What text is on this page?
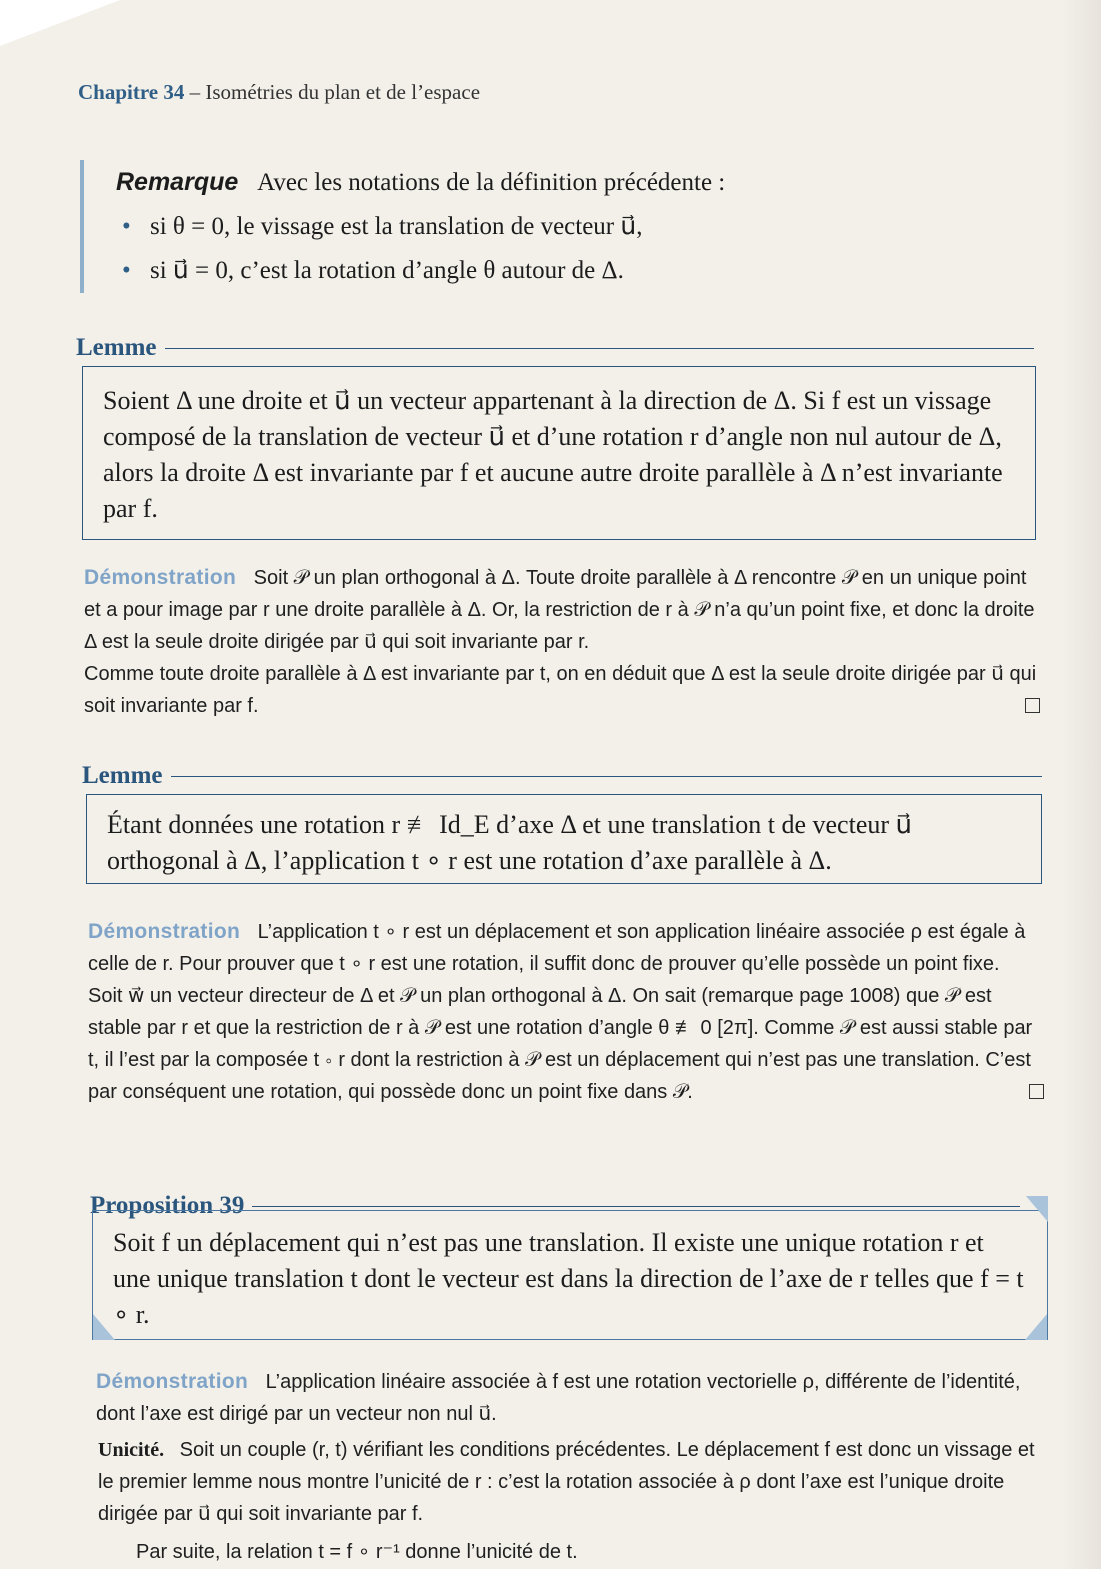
Chapitre 34 – Isométries du plan et de l’espace
Remarque Avec les notations de la définition précédente :
• si θ = 0, le vissage est la translation de vecteur u⃗,
• si u⃗ = 0, c’est la rotation d’angle θ autour de Δ.
Lemme
Soient Δ une droite et u⃗ un vecteur appartenant à la direction de Δ. Si f est un vissage composé de la translation de vecteur u⃗ et d’une rotation r d’angle non nul autour de Δ, alors la droite Δ est invariante par f et aucune autre droite parallèle à Δ n’est invariante par f.
Démonstration Soit 𝒫 un plan orthogonal à Δ. Toute droite parallèle à Δ rencontre 𝒫 en un unique point et a pour image par r une droite parallèle à Δ. Or, la restriction de r à 𝒫 n’a qu’un point fixe, et donc la droite Δ est la seule droite dirigée par u⃗ qui soit invariante par r.
Comme toute droite parallèle à Δ est invariante par t, on en déduit que Δ est la seule droite dirigée par u⃗ qui soit invariante par f.
Lemme
Étant données une rotation r ≢ Id_E d’axe Δ et une translation t de vecteur u⃗ orthogonal à Δ, l’application t ∘ r est une rotation d’axe parallèle à Δ.
Démonstration L’application t ∘ r est un déplacement et son application linéaire associée ρ est égale à celle de r. Pour prouver que t ∘ r est une rotation, il suffit donc de prouver qu’elle possède un point fixe.
Soit w⃗ un vecteur directeur de Δ et 𝒫 un plan orthogonal à Δ. On sait (remarque page 1008) que 𝒫 est stable par r et que la restriction de r à 𝒫 est une rotation d’angle θ ≢ 0 [2π]. Comme 𝒫 est aussi stable par t, il l’est par la composée t ∘ r dont la restriction à 𝒫 est un déplacement qui n’est pas une translation. C’est par conséquent une rotation, qui possède donc un point fixe dans 𝒫.
Proposition 39
Soit f un déplacement qui n’est pas une translation. Il existe une unique rotation r et une unique translation t dont le vecteur est dans la direction de l’axe de r telles que f = t ∘ r.
Démonstration L’application linéaire associée à f est une rotation vectorielle ρ, différente de l’identité, dont l’axe est dirigé par un vecteur non nul u⃗.
Unicité. Soit un couple (r, t) vérifiant les conditions précédentes. Le déplacement f est donc un vissage et le premier lemme nous montre l’unicité de r : c’est la rotation associée à ρ dont l’axe est l’unique droite dirigée par u⃗ qui soit invariante par f.
Par suite, la relation t = f ∘ r⁻¹ donne l’unicité de t.
